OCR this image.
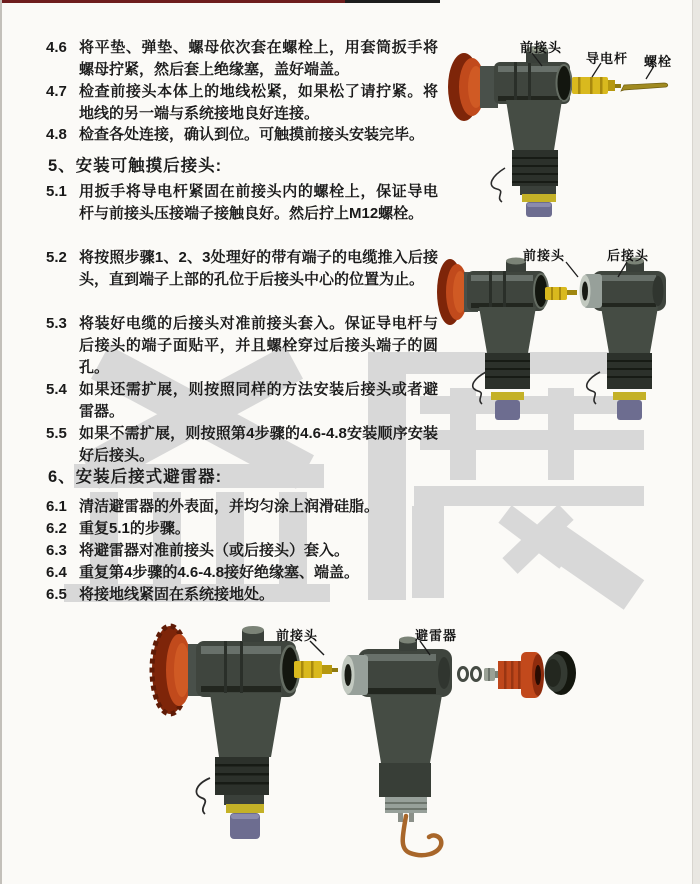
4.6 将平垫、弹垫、螺母依次套在螺栓上，用套筒扳手将螺母拧紧，然后套上绝缘塞，盖好端盖。
4.7 检查前接头本体上的地线松紧，如果松了请拧紧。将地线的另一端与系统接地良好连接。
4.8 检查各处连接，确认到位。可触摸前接头安装完毕。
5、安装可触摸后接头:
5.1 用扳手将导电杆紧固在前接头内的螺栓上，保证导电杆与前接头压接端子接触良好。然后拧上M12螺栓。
5.2 将按照步骤1、2、3处理好的带有端子的电缆推入后接头，直到端子上部的孔位于后接头中心的位置为止。
5.3 将装好电缆的后接头对准前接头套入。保证导电杆与后接头的端子面贴平，并且螺栓穿过后接头端子的圆孔。
5.4 如果还需扩展，则按照同样的方法安装后接头或者避雷器。
5.5 如果不需扩展，则按照第4步骤的4.6-4.8安装顺序安装好后接头。
6、安装后接式避雷器:
6.1 清洁避雷器的外表面，并均匀涂上润滑硅脂。
6.2 重复5.1的步骤。
6.3 将避雷器对准前接头（或后接头）套入。
6.4 重复第4步骤的4.6-4.8接好绝缘塞、端盖。
6.5 将接地线紧固在系统接地处。
前接头
导电杆 螺栓
前接头	后接头
前接头	避雷器
